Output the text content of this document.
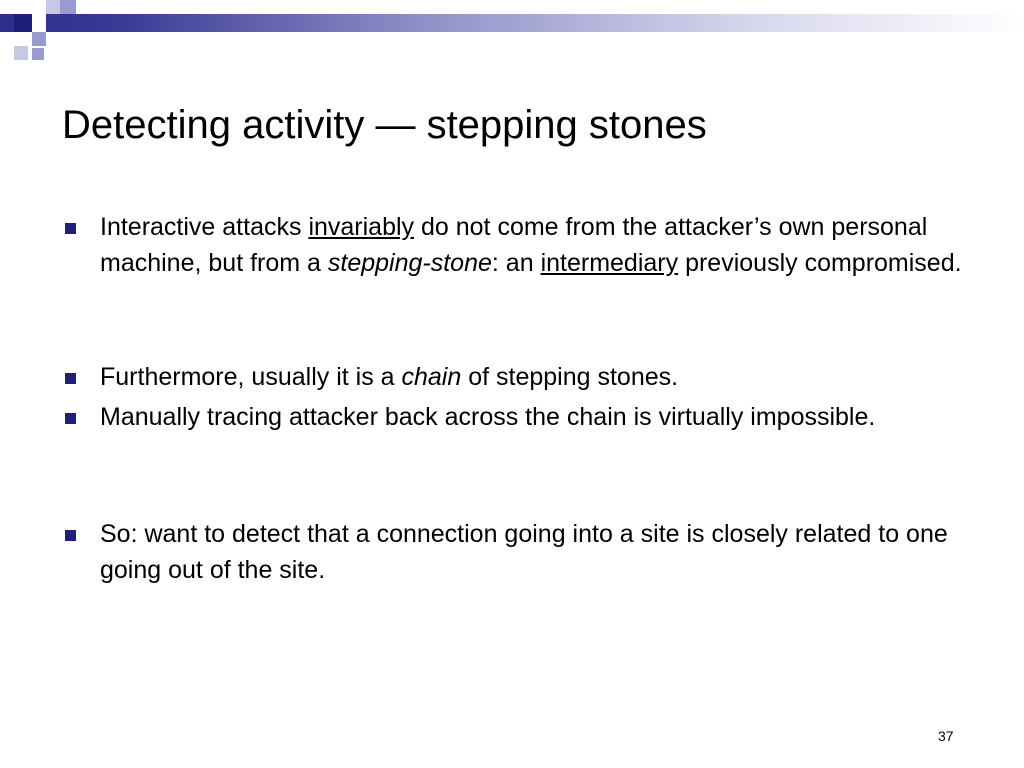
Detecting activity — stepping stones
Interactive attacks invariably do not come from the attacker’s own personal machine, but from a stepping-stone: an intermediary previously compromised.
Furthermore, usually it is a chain of stepping stones.
Manually tracing attacker back across the chain is virtually impossible.
So: want to detect that a connection going into a site is closely related to one going out of the site.
37
